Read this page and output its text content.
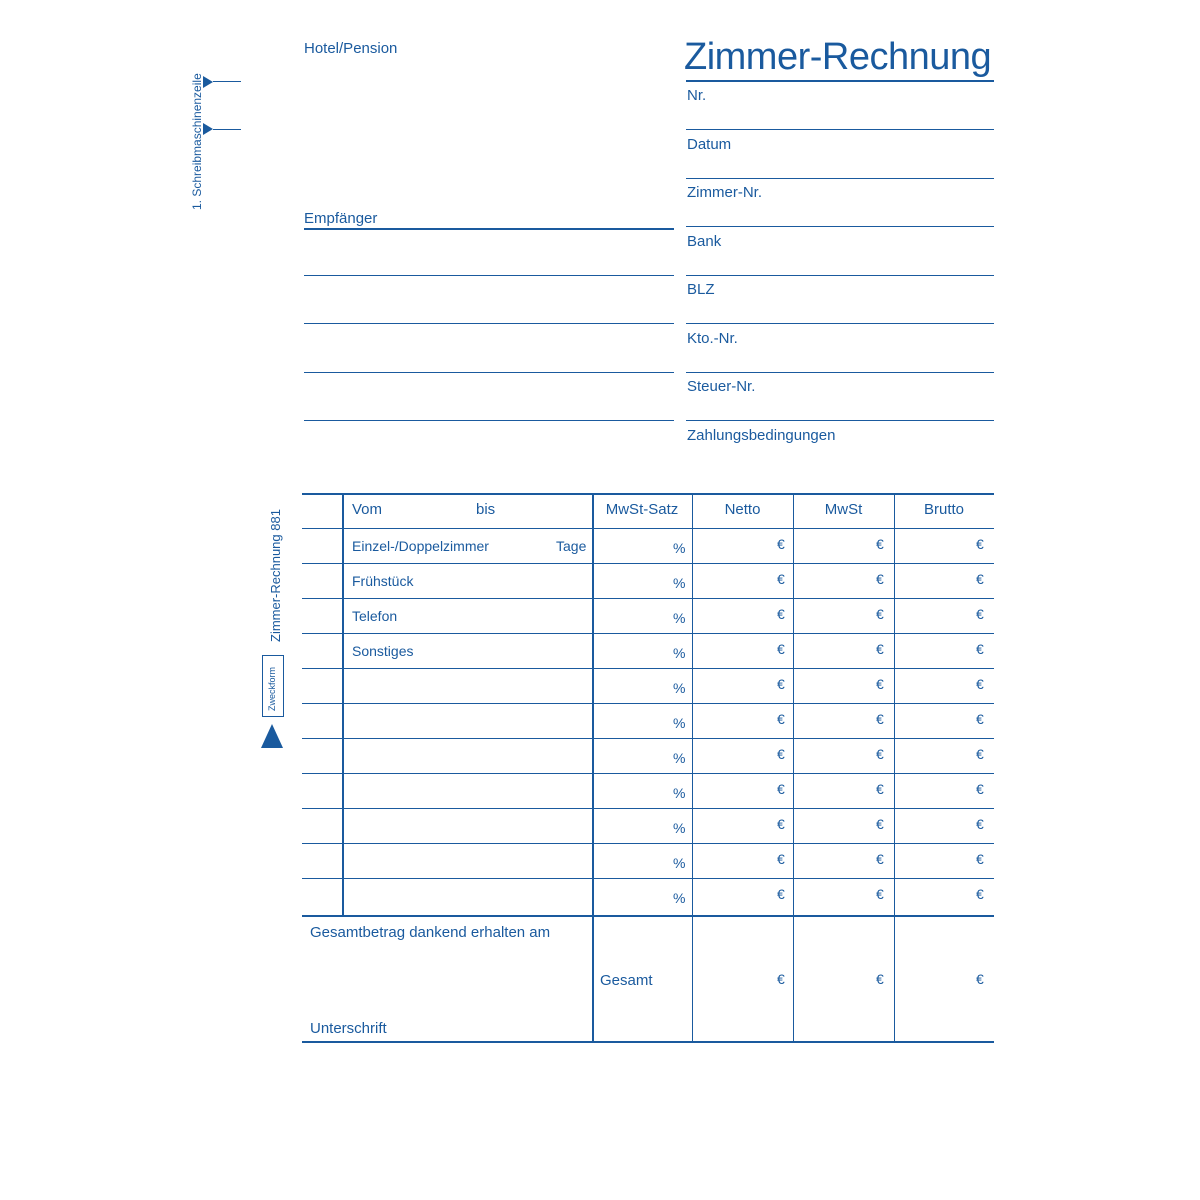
1. Schreibmaschinenzeile
Zimmer-Rechnung 881
Zweckform
Hotel/Pension	Zimmer-Rechnung
Nr.
Datum
Zimmer-Nr.
Bank
BLZ
Kto.-Nr.
Steuer-Nr.
Zahlungsbedingungen
Empfänger
Vom	bis	MwSt-Satz	Netto	MwSt	Brutto
Gesamtbetrag dankend erhalten am
Unterschrift
Gesamt	€	€	€
Einzel-/Doppelzimmer	Tage	%	€	€	€
Frühstück	%	€	€	€
Telefon	%	€	€	€
Sonstiges	%	€	€	€
%	€	€	€
%	€	€	€
%	€	€	€
%	€	€	€
%	€	€	€
%	€	€	€
%	€	€	€
